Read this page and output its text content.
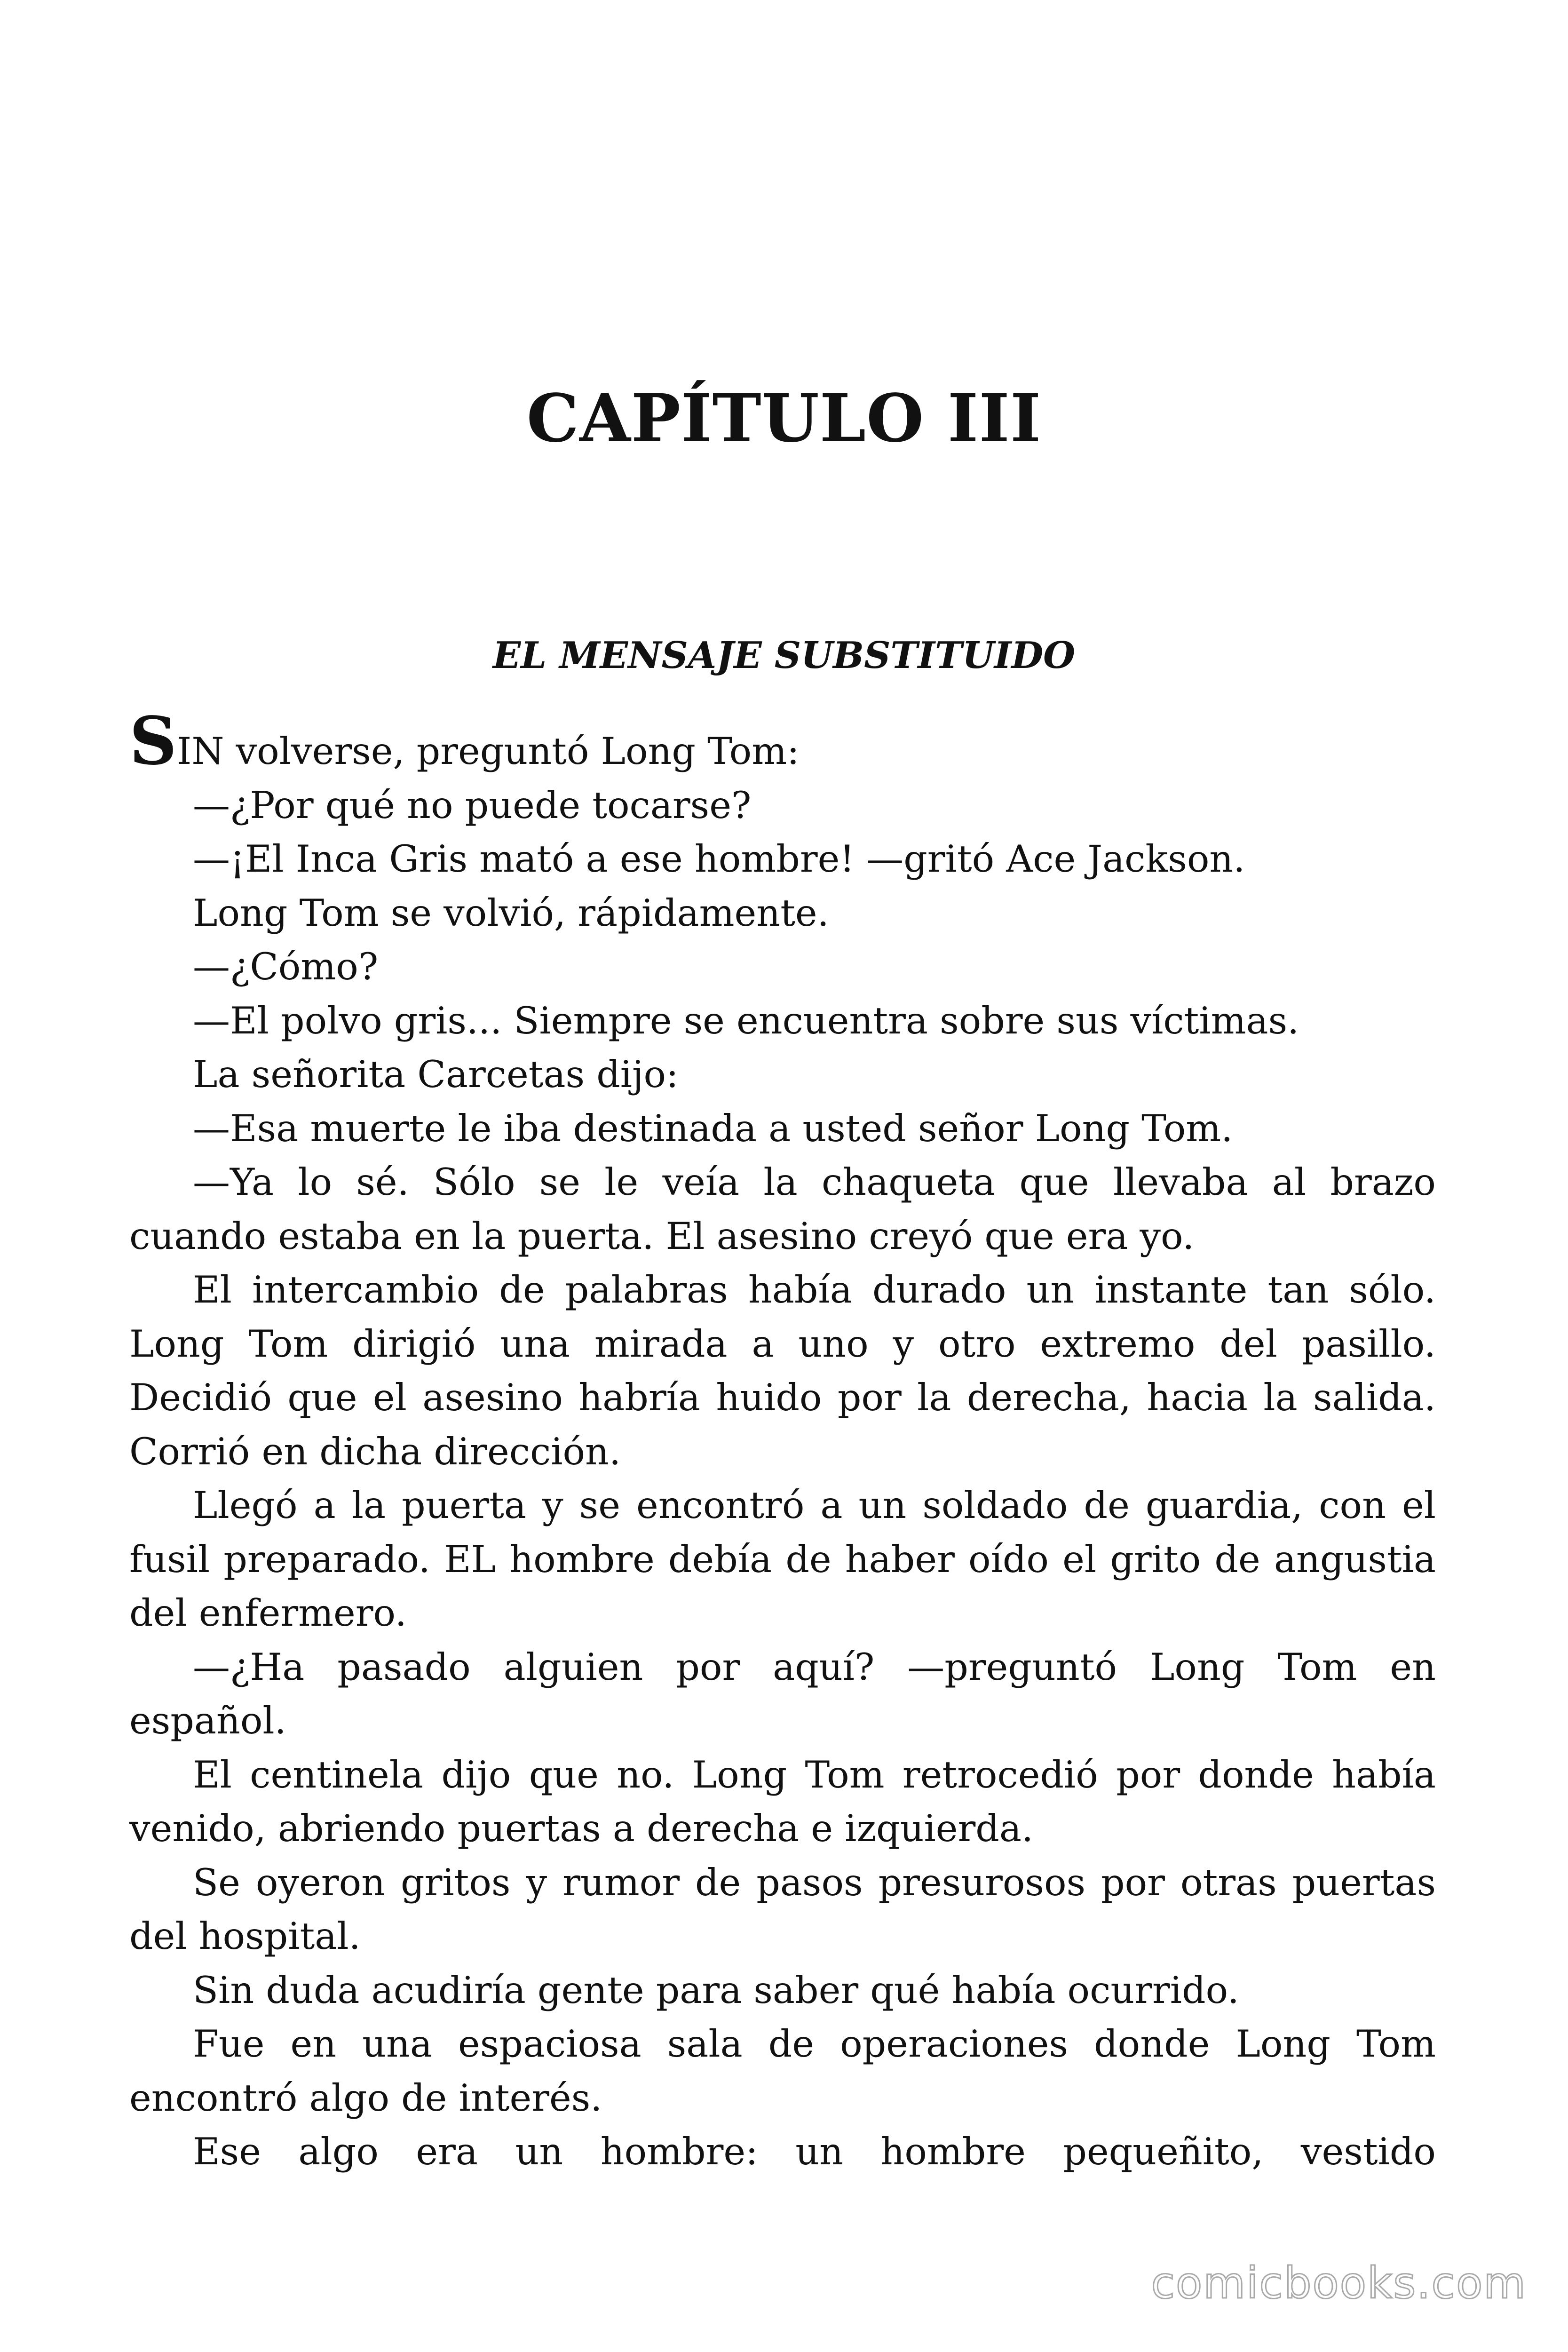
CAPÍTULO III
EL MENSAJE SUBSTITUIDO

SIN volverse, preguntó Long Tom:

—¿Por qué no puede tocarse?

—¡El Inca Gris mató a ese hombre! —gritó Ace Jackson.

Long Tom se volvió, rápidamente.

—¿Cómo?

—El polvo gris... Siempre se encuentra sobre sus víctimas.

La señorita Carcetas dijo:

—Esa muerte le iba destinada a usted señor Long Tom.

—Ya lo sé. Sólo se le veía la chaqueta que llevaba al brazo cuando estaba en la puerta. El asesino creyó que era yo.

El intercambio de palabras había durado un instante tan sólo. Long Tom dirigió una mirada a uno y otro extremo del pasillo. Decidió que el asesino habría huido por la derecha, hacia la salida. Corrió en dicha dirección.

Llegó a la puerta y se encontró a un soldado de guardia, con el fusil preparado. EL hombre debía de haber oído el grito de angustia del enfermero.

—¿Ha pasado alguien por aquí? —preguntó Long Tom en español.

El centinela dijo que no. Long Tom retrocedió por donde había venido, abriendo puertas a derecha e izquierda.

Se oyeron gritos y rumor de pasos presurosos por otras puertas del hospital.

Sin duda acudiría gente para saber qué había ocurrido.

Fue en una espaciosa sala de operaciones donde Long Tom encontró algo de interés.

Ese algo era un hombre: un hombre pequeñito, vestido

comicbooks.com
